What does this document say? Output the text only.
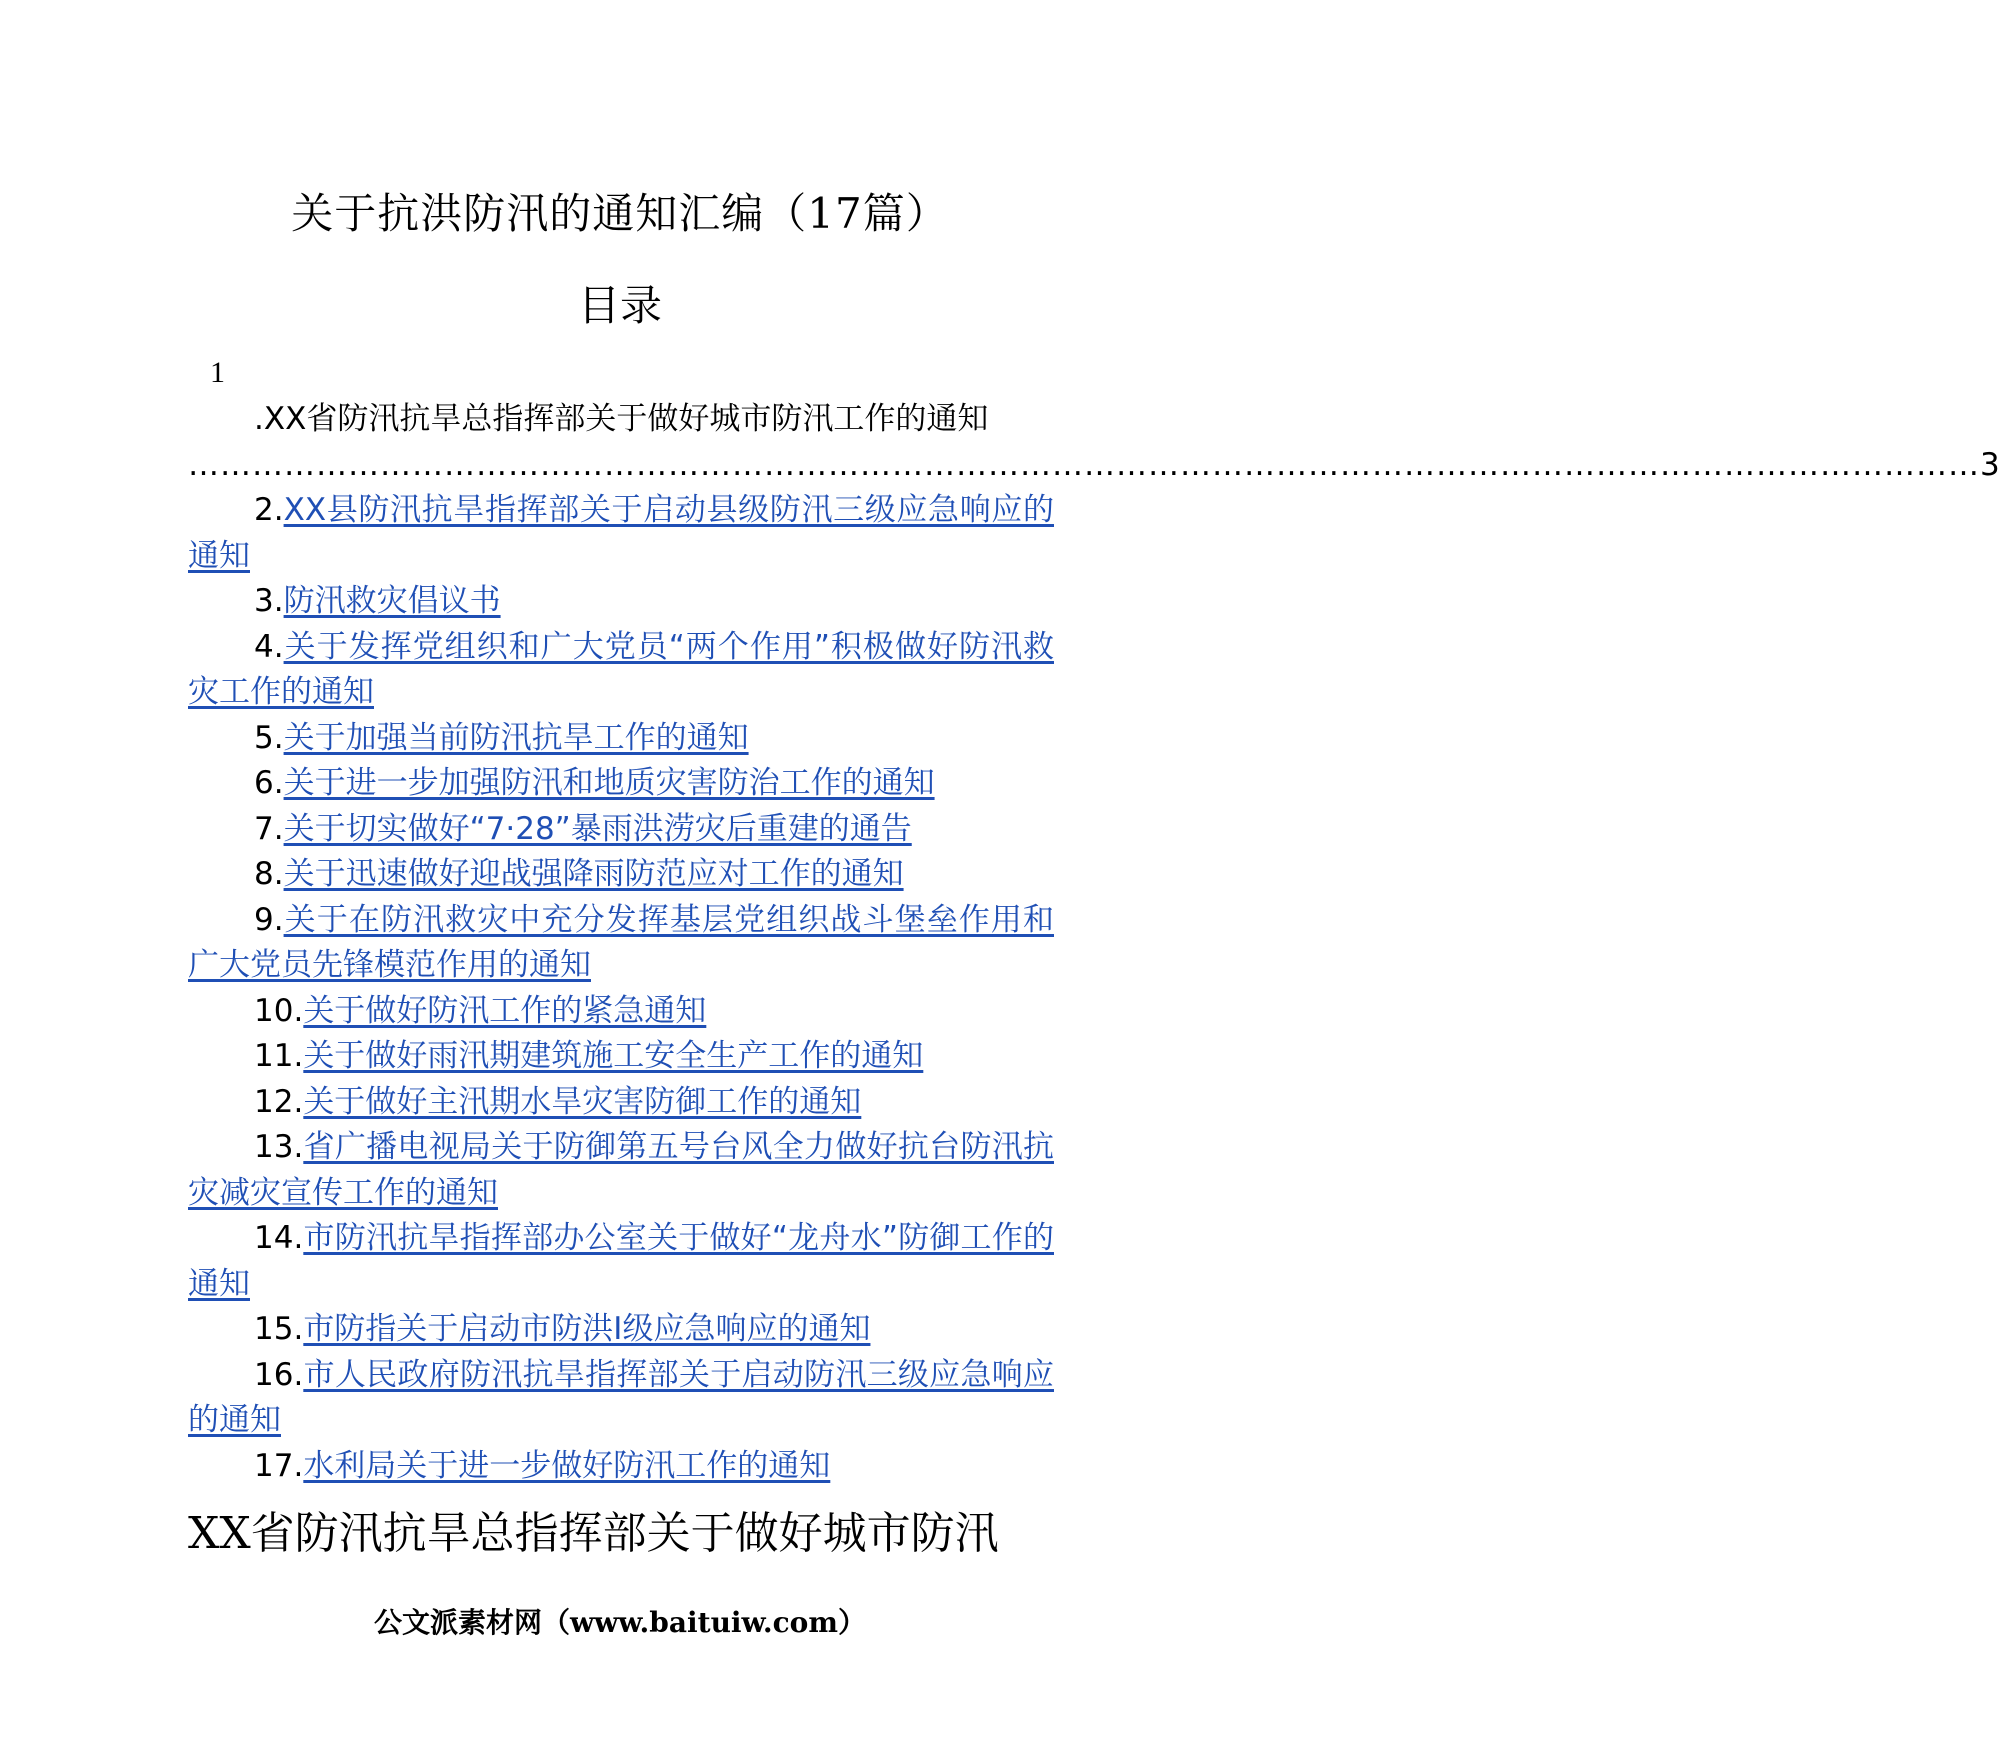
关于抗洪防汛的通知汇编（17篇）
目录
1

.XX省防汛抗旱总指挥部关于做好城市防汛工作的通知

…………………………………………………………………………………………………………………………………………………… 3

2.XX县防汛抗旱指挥部关于启动县级防汛三级应急响应的通知

3.防汛救灾倡议书

4.关于发挥党组织和广大党员“两个作用”积极做好防汛救灾工作的通知

5.关于加强当前防汛抗旱工作的通知

6.关于进一步加强防汛和地质灾害防治工作的通知

7.关于切实做好“7·28”暴雨洪涝灾后重建的通告

8.关于迅速做好迎战强降雨防范应对工作的通知

9.关于在防汛救灾中充分发挥基层党组织战斗堡垒作用和广大党员先锋模范作用的通知

10.关于做好防汛工作的紧急通知

11.关于做好雨汛期建筑施工安全生产工作的通知

12.关于做好主汛期水旱灾害防御工作的通知

13.省广播电视局关于防御第五号台风全力做好抗台防汛抗灾减灾宣传工作的通知

14.市防汛抗旱指挥部办公室关于做好“龙舟水”防御工作的通知

15.市防指关于启动市防洪Ⅰ级应急响应的通知

16.市人民政府防汛抗旱指挥部关于启动防汛三级应急响应的通知

17.水利局关于进一步做好防汛工作的通知

XX省防汛抗旱总指挥部关于做好城市防汛
公文派素材网（www.baituiw.com）
